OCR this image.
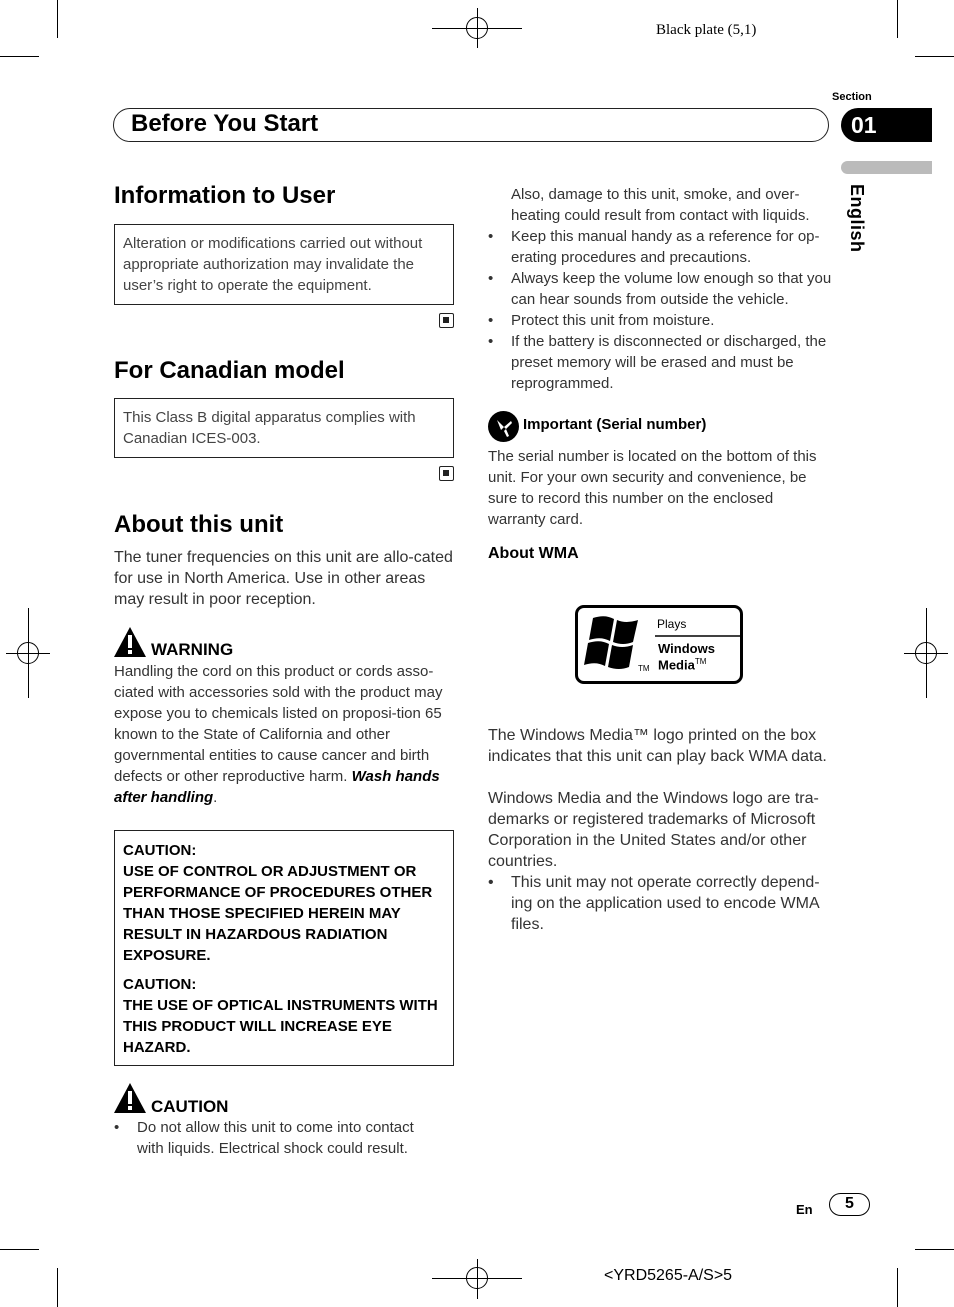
Black plate (5,1)
Before You Start
Section
01
English
Information to User
Alteration or modifications carried out without appropriate authorization may invalidate the user’s right to operate the equipment.
For Canadian model
This Class B digital apparatus complies with Canadian ICES-003.
About this unit
The tuner frequencies on this unit are allo-cated for use in North America. Use in other areas may result in poor reception.
WARNING
Handling the cord on this product or cords asso-ciated with accessories sold with the product may expose you to chemicals listed on proposi-tion 65 known to the State of California and other governmental entities to cause cancer and birth defects or other reproductive harm. Wash hands after handling.
CAUTION:
USE OF CONTROL OR ADJUSTMENT OR PERFORMANCE OF PROCEDURES OTHER THAN THOSE SPECIFIED HEREIN MAY RESULT IN HAZARDOUS RADIATION EXPOSURE.
CAUTION:
THE USE OF OPTICAL INSTRUMENTS WITH THIS PRODUCT WILL INCREASE EYE HAZARD.
CAUTION
• Do not allow this unit to come into contact with liquids. Electrical shock could result.
Also, damage to this unit, smoke, and over-heating could result from contact with liquids.
• Keep this manual handy as a reference for op-erating procedures and precautions.
• Always keep the volume low enough so that you can hear sounds from outside the vehicle.
• Protect this unit from moisture.
• If the battery is disconnected or discharged, the preset memory will be erased and must be reprogrammed.
Important (Serial number)
The serial number is located on the bottom of this unit. For your own security and convenience, be sure to record this number on the enclosed warranty card.
About WMA
Plays
Windows
Media™
TM
The Windows Media™ logo printed on the box indicates that this unit can play back WMA data.
Windows Media and the Windows logo are tra-demarks or registered trademarks of Microsoft Corporation in the United States and/or other countries.
• This unit may not operate correctly depend-ing on the application used to encode WMA files.
En	5
<YRD5265-A/S>5
